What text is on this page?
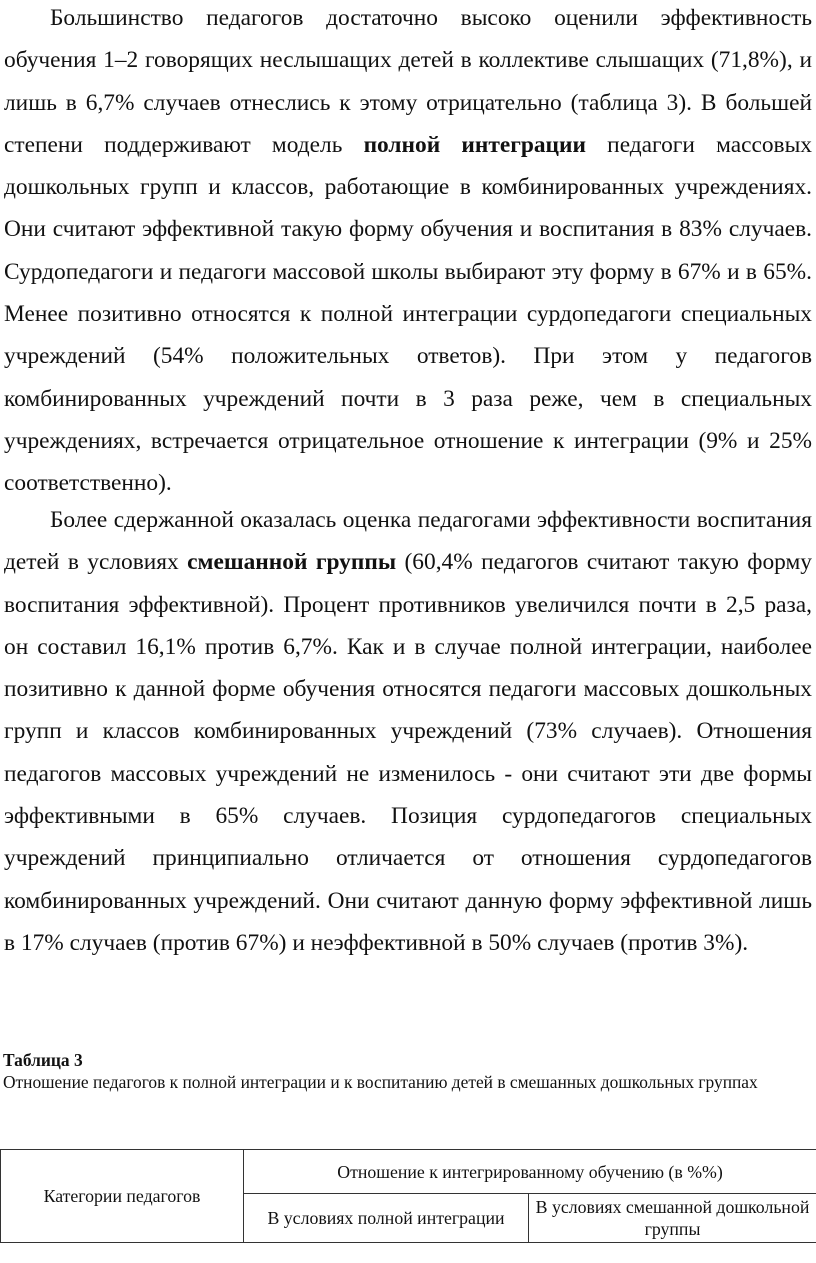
Большинство педагогов достаточно высоко оценили эффективность обучения 1–2 говорящих неслышащих детей в коллективе слышащих (71,8%), и лишь в 6,7% случаев отнеслись к этому отрицательно (таблица 3). В большей степени поддерживают модель полной интеграции педагоги массовых дошкольных групп и классов, работающие в комбинированных учреждениях. Они считают эффективной такую форму обучения и воспитания в 83% случаев. Сурдопедагоги и педагоги массовой школы выбирают эту форму в 67% и в 65%. Менее позитивно относятся к полной интеграции сурдопедагоги специальных учреждений (54% положительных ответов). При этом у педагогов комбинированных учреждений почти в 3 раза реже, чем в специальных учреждениях, встречается отрицательное отношение к интеграции (9% и 25% соответственно).

Более сдержанной оказалась оценка педагогами эффективности воспитания детей в условиях смешанной группы (60,4% педагогов считают такую форму воспитания эффективной). Процент противников увеличился почти в 2,5 раза, он составил 16,1% против 6,7%. Как и в случае полной интеграции, наиболее позитивно к данной форме обучения относятся педагоги массовых дошкольных групп и классов комбинированных учреждений (73% случаев). Отношения педагогов массовых учреждений не изменилось - они считают эти две формы эффективными в 65% случаев. Позиция сурдопедагогов специальных учреждений принципиально отличается от отношения сурдопедагогов комбинированных учреждений. Они считают данную форму эффективной лишь в 17% случаев (против 67%) и неэффективной в 50% случаев (против 3%).

Таблица 3

Отношение педагогов к полной интеграции и к воспитанию детей в смешанных дошкольных группах

Категории педагогов	Отношение к интегрированному обучению (в %%)	
	В условиях полной интеграции	В условиях смешанной дошкольной группы
